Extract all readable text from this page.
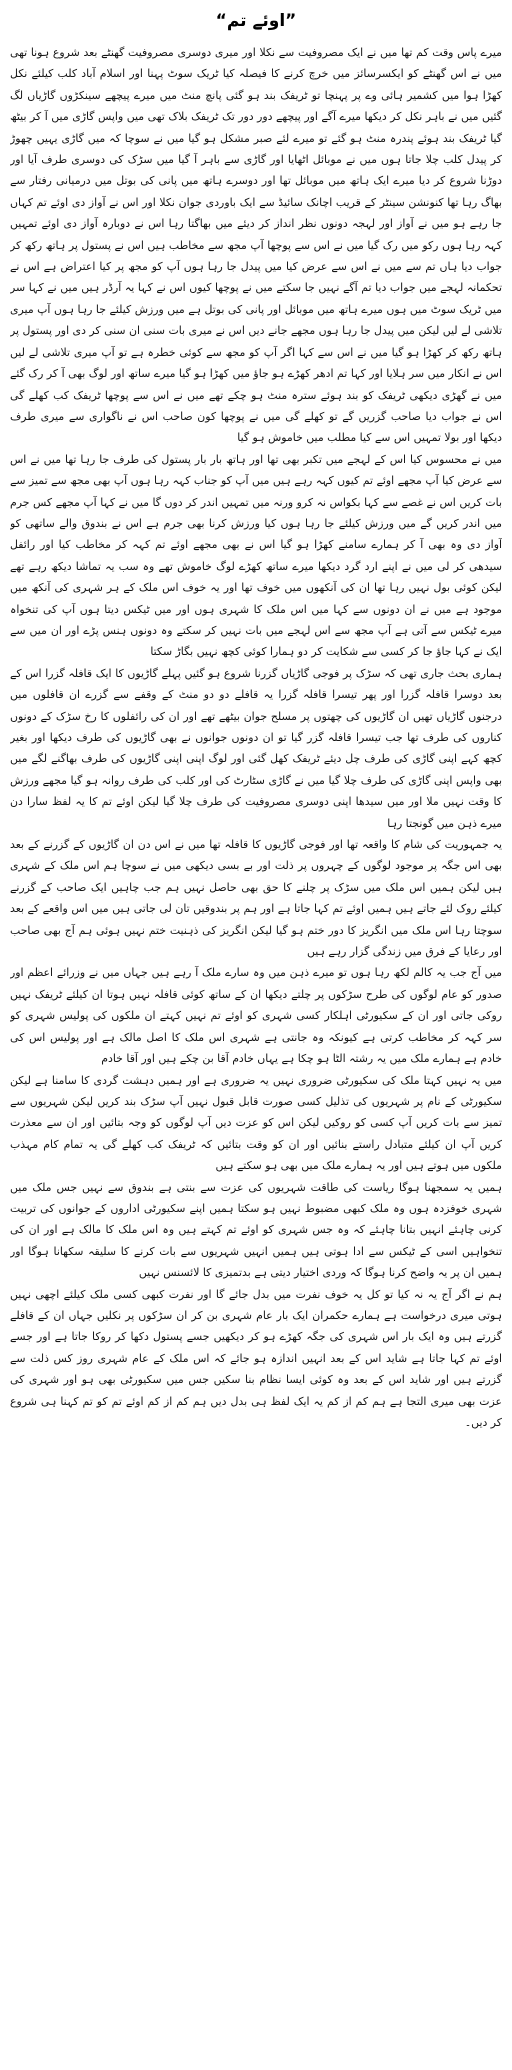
”اوئے تم“

میرے پاس وقت کم تھا میں نے ایک مصروفیت سے نکلا اور میری دوسری مصروفیت گھنٹے بعد شروع ہونا تھی میں نے اس گھنٹے کو ایکسرسائز میں خرچ کرنے کا فیصلہ کیا ٹریک سوٹ پہنا اور اسلام آباد کلب کیلئے نکل کھڑا ہوا میں کشمیر ہائی وے پر پہنچا تو ٹریفک بند ہو گئی پانچ منٹ میں میرے پیچھے سینکڑوں گاڑیاں لگ گئیں میں نے باہر نکل کر دیکھا میرے آگے اور پیچھے دور دور تک ٹریفک بلاک تھی میں واپس گاڑی میں آ کر بیٹھ گیا ٹریفک بند ہوئے پندرہ منٹ ہو گئے تو میرے لئے صبر مشکل ہو گیا میں نے سوچا کہ میں گاڑی یہیں چھوڑ کر پیدل کلب چلا جاتا ہوں میں نے موبائل اٹھایا اور گاڑی سے باہر آ گیا میں سڑک کی دوسری طرف آیا اور دوڑنا شروع کر دیا میرے ایک ہاتھ میں موبائل تھا اور دوسرے ہاتھ میں پانی کی بوتل میں درمیانی رفتار سے بھاگ رہا تھا کنونشن سینٹر کے قریب اچانک سائیڈ سے ایک باوردی جوان نکلا اور اس نے آواز دی اوئے تم کہاں جا رہے ہو میں نے آواز اور لہجہ دونوں نظر انداز کر دیئے میں بھاگتا رہا اس نے دوبارہ آواز دی اوئے تمہیں کہہ رہا ہوں رکو میں رک گیا میں نے اس سے پوچھا آپ مجھ سے مخاطب ہیں اس نے پستول پر ہاتھ رکھ کر جواب دیا ہاں تم سے میں نے اس سے عرض کیا میں پیدل جا رہا ہوں آپ کو مجھ پر کیا اعتراض ہے اس نے تحکمانہ لہجے میں جواب دیا تم آگے نہیں جا سکتے میں نے پوچھا کیوں اس نے کہا یہ آرڈر ہیں میں نے کہا سر میں ٹریک سوٹ میں ہوں میرے ہاتھ میں موبائل اور پانی کی بوتل ہے میں ورزش کیلئے جا رہا ہوں آپ میری تلاشی لے لیں لیکن میں پیدل جا رہا ہوں مجھے جانے دیں اس نے میری بات سنی ان سنی کر دی اور پستول پر ہاتھ رکھ کر کھڑا ہو گیا میں نے اس سے کہا اگر آپ کو مجھ سے کوئی خطرہ ہے تو آپ میری تلاشی لے لیں اس نے انکار میں سر ہلایا اور کہا تم ادھر کھڑے ہو جاؤ میں کھڑا ہو گیا میرے ساتھ اور لوگ بھی آ کر رک گئے میں نے گھڑی دیکھی ٹریفک کو بند ہوئے سترہ منٹ ہو چکے تھے میں نے اس سے پوچھا ٹریفک کب کھلے گی اس نے جواب دیا صاحب گزریں گے تو کھلے گی میں نے پوچھا کون صاحب اس نے ناگواری سے میری طرف دیکھا اور بولا تمہیں اس سے کیا مطلب میں خاموش ہو گیا

میں نے محسوس کیا اس کے لہجے میں تکبر بھی تھا اور ہاتھ بار بار پستول کی طرف جا رہا تھا میں نے اس سے عرض کیا آپ مجھے اوئے تم کیوں کہہ رہے ہیں میں آپ کو جناب کہہ رہا ہوں آپ بھی مجھ سے تمیز سے بات کریں اس نے غصے سے کہا بکواس نہ کرو ورنہ میں تمہیں اندر کر دوں گا میں نے کہا آپ مجھے کس جرم میں اندر کریں گے میں ورزش کیلئے جا رہا ہوں کیا ورزش کرنا بھی جرم ہے اس نے بندوق والے ساتھی کو آواز دی وہ بھی آ کر ہمارے سامنے کھڑا ہو گیا اس نے بھی مجھے اوئے تم کہہ کر مخاطب کیا اور رائفل سیدھی کر لی میں نے اپنے ارد گرد دیکھا میرے ساتھ کھڑے لوگ خاموش تھے وہ سب یہ تماشا دیکھ رہے تھے لیکن کوئی بول نہیں رہا تھا ان کی آنکھوں میں خوف تھا اور یہ خوف اس ملک کے ہر شہری کی آنکھ میں موجود ہے میں نے ان دونوں سے کہا میں اس ملک کا شہری ہوں اور میں ٹیکس دیتا ہوں آپ کی تنخواہ میرے ٹیکس سے آتی ہے آپ مجھ سے اس لہجے میں بات نہیں کر سکتے وہ دونوں ہنس پڑے اور ان میں سے ایک نے کہا جاؤ جا کر کسی سے شکایت کر دو ہمارا کوئی کچھ نہیں بگاڑ سکتا

ہماری بحث جاری تھی کہ سڑک پر فوجی گاڑیاں گزرنا شروع ہو گئیں پہلے گاڑیوں کا ایک قافلہ گزرا اس کے بعد دوسرا قافلہ گزرا اور پھر تیسرا قافلہ گزرا یہ قافلے دو دو منٹ کے وقفے سے گزرے ان قافلوں میں درجنوں گاڑیاں تھیں ان گاڑیوں کی چھتوں پر مسلح جوان بیٹھے تھے اور ان کی رائفلوں کا رخ سڑک کے دونوں کناروں کی طرف تھا جب تیسرا قافلہ گزر گیا تو ان دونوں جوانوں نے بھی گاڑیوں کی طرف دیکھا اور بغیر کچھ کہے اپنی گاڑی کی طرف چل دیئے ٹریفک کھل گئی اور لوگ اپنی اپنی گاڑیوں کی طرف بھاگنے لگے میں بھی واپس اپنی گاڑی کی طرف چلا گیا میں نے گاڑی سٹارٹ کی اور کلب کی طرف روانہ ہو گیا مجھے ورزش کا وقت نہیں ملا اور میں سیدھا اپنی دوسری مصروفیت کی طرف چلا گیا لیکن اوئے تم کا یہ لفظ سارا دن میرے ذہن میں گونجتا رہا

یہ جمہوریت کی شام کا واقعہ تھا اور فوجی گاڑیوں کا قافلہ تھا میں نے اس دن ان گاڑیوں کے گزرنے کے بعد بھی اس جگہ پر موجود لوگوں کے چہروں پر ذلت اور بے بسی دیکھی میں نے سوچا ہم اس ملک کے شہری ہیں لیکن ہمیں اس ملک میں سڑک پر چلنے کا حق بھی حاصل نہیں ہم جب چاہیں ایک صاحب کے گزرنے کیلئے روک لئے جاتے ہیں ہمیں اوئے تم کہا جاتا ہے اور ہم پر بندوقیں تان لی جاتی ہیں میں اس واقعے کے بعد سوچتا رہا اس ملک میں انگریز کا دور ختم ہو گیا لیکن انگریز کی ذہنیت ختم نہیں ہوئی ہم آج بھی صاحب اور رعایا کے فرق میں زندگی گزار رہے ہیں

میں آج جب یہ کالم لکھ رہا ہوں تو میرے ذہن میں وہ سارے ملک آ رہے ہیں جہاں میں نے وزرائے اعظم اور صدور کو عام لوگوں کی طرح سڑکوں پر چلتے دیکھا ان کے ساتھ کوئی قافلہ نہیں ہوتا ان کیلئے ٹریفک نہیں روکی جاتی اور ان کے سکیورٹی اہلکار کسی شہری کو اوئے تم نہیں کہتے ان ملکوں کی پولیس شہری کو سر کہہ کر مخاطب کرتی ہے کیونکہ وہ جانتی ہے شہری اس ملک کا اصل مالک ہے اور پولیس اس کی خادم ہے ہمارے ملک میں یہ رشتہ الٹا ہو چکا ہے یہاں خادم آقا بن چکے ہیں اور آقا خادم

میں یہ نہیں کہتا ملک کی سکیورٹی ضروری نہیں یہ ضروری ہے اور ہمیں دہشت گردی کا سامنا ہے لیکن سکیورٹی کے نام پر شہریوں کی تذلیل کسی صورت قابل قبول نہیں آپ سڑک بند کریں لیکن شہریوں سے تمیز سے بات کریں آپ کسی کو روکیں لیکن اس کو عزت دیں آپ لوگوں کو وجہ بتائیں اور ان سے معذرت کریں آپ ان کیلئے متبادل راستے بنائیں اور ان کو وقت بتائیں کہ ٹریفک کب کھلے گی یہ تمام کام مہذب ملکوں میں ہوتے ہیں اور یہ ہمارے ملک میں بھی ہو سکتے ہیں

ہمیں یہ سمجھنا ہوگا ریاست کی طاقت شہریوں کی عزت سے بنتی ہے بندوق سے نہیں جس ملک میں شہری خوفزدہ ہوں وہ ملک کبھی مضبوط نہیں ہو سکتا ہمیں اپنے سکیورٹی اداروں کے جوانوں کی تربیت کرنی چاہئے انہیں بتانا چاہئے کہ وہ جس شہری کو اوئے تم کہتے ہیں وہ اس ملک کا مالک ہے اور ان کی تنخواہیں اسی کے ٹیکس سے ادا ہوتی ہیں ہمیں انہیں شہریوں سے بات کرنے کا سلیقہ سکھانا ہوگا اور ہمیں ان پر یہ واضح کرنا ہوگا کہ وردی اختیار دیتی ہے بدتمیزی کا لائسنس نہیں

ہم نے اگر آج یہ نہ کیا تو کل یہ خوف نفرت میں بدل جائے گا اور نفرت کبھی کسی ملک کیلئے اچھی نہیں ہوتی میری درخواست ہے ہمارے حکمران ایک بار عام شہری بن کر ان سڑکوں پر نکلیں جہاں ان کے قافلے گزرتے ہیں وہ ایک بار اس شہری کی جگہ کھڑے ہو کر دیکھیں جسے پستول دکھا کر روکا جاتا ہے اور جسے اوئے تم کہا جاتا ہے شاید اس کے بعد انہیں اندازہ ہو جائے کہ اس ملک کے عام شہری روز کس ذلت سے گزرتے ہیں اور شاید اس کے بعد وہ کوئی ایسا نظام بنا سکیں جس میں سکیورٹی بھی ہو اور شہری کی عزت بھی میری التجا ہے ہم کم از کم یہ ایک لفظ ہی بدل دیں ہم کم از کم اوئے تم کو تم کہنا ہی شروع کر دیں۔
